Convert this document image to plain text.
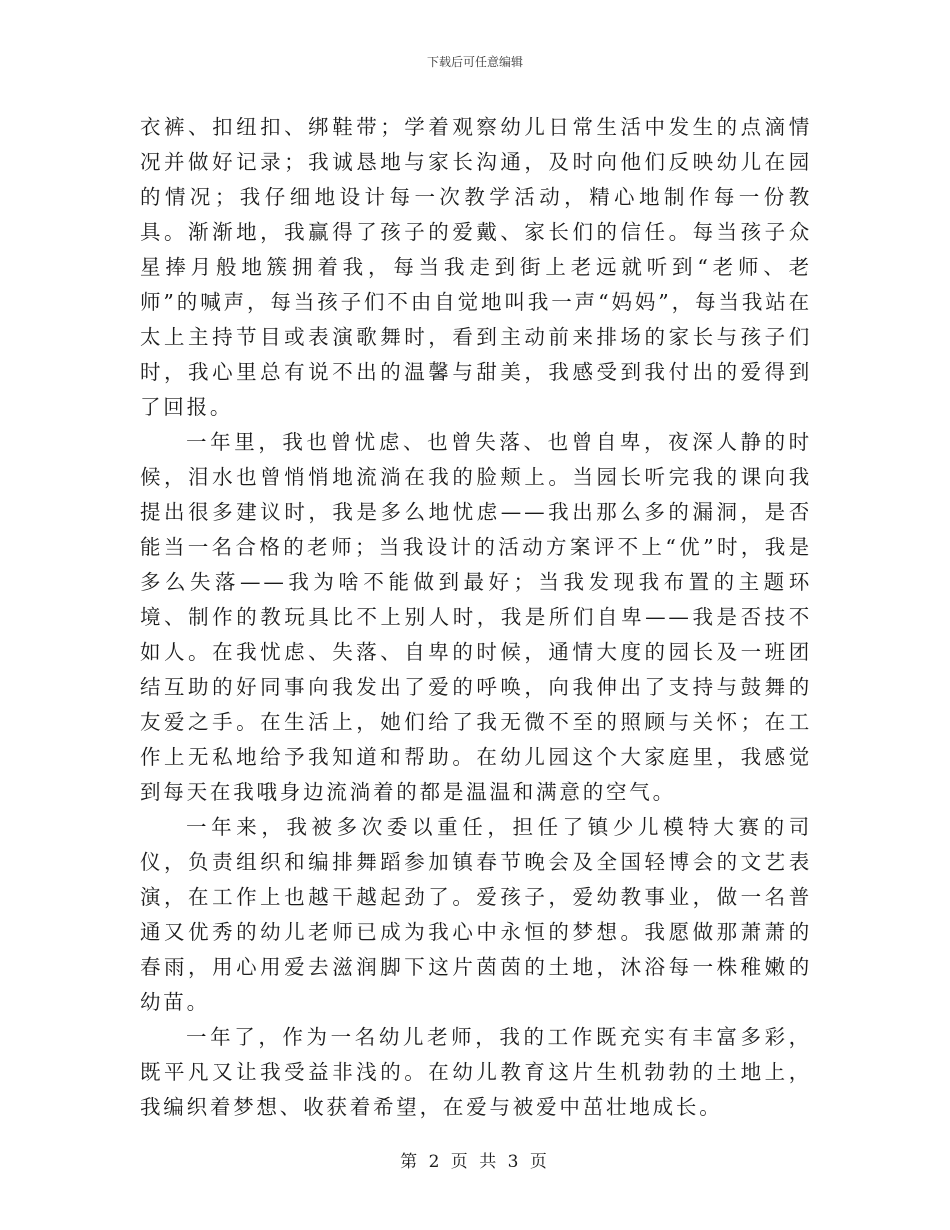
下载后可任意编辑

衣裤、扣纽扣、绑鞋带；学着观察幼儿日常生活中发生的点滴情况并做好记录；我诚恳地与家长沟通，及时向他们反映幼儿在园的情况；我仔细地设计每一次教学活动，精心地制作每一份教具。渐渐地，我赢得了孩子的爱戴、家长们的信任。每当孩子众星捧月般地簇拥着我，每当我走到街上老远就听到“老师、老师”的喊声，每当孩子们不由自觉地叫我一声“妈妈”，每当我站在太上主持节目或表演歌舞时，看到主动前来排场的家长与孩子们时，我心里总有说不出的温馨与甜美，我感受到我付出的爱得到了回报。

一年里，我也曾忧虑、也曾失落、也曾自卑，夜深人静的时候，泪水也曾悄悄地流淌在我的脸颊上。当园长听完我的课向我提出很多建议时，我是多么地忧虑——我出那么多的漏洞，是否能当一名合格的老师；当我设计的活动方案评不上“优”时，我是多么失落——我为啥不能做到最好；当我发现我布置的主题环境、制作的教玩具比不上别人时，我是所们自卑——我是否技不如人。在我忧虑、失落、自卑的时候，通情大度的园长及一班团结互助的好同事向我发出了爱的呼唤，向我伸出了支持与鼓舞的友爱之手。在生活上，她们给了我无微不至的照顾与关怀；在工作上无私地给予我知道和帮助。在幼儿园这个大家庭里，我感觉到每天在我哦身边流淌着的都是温温和满意的空气。

一年来，我被多次委以重任，担任了镇少儿模特大赛的司仪，负责组织和编排舞蹈参加镇春节晚会及全国轻博会的文艺表演，在工作上也越干越起劲了。爱孩子，爱幼教事业，做一名普通又优秀的幼儿老师已成为我心中永恒的梦想。我愿做那萧萧的春雨，用心用爱去滋润脚下这片茵茵的土地，沐浴每一株稚嫩的幼苗。

一年了，作为一名幼儿老师，我的工作既充实有丰富多彩，既平凡又让我受益非浅的。在幼儿教育这片生机勃勃的土地上，我编织着梦想、收获着希望，在爱与被爱中茁壮地成长。

第 2 页 共 3 页
